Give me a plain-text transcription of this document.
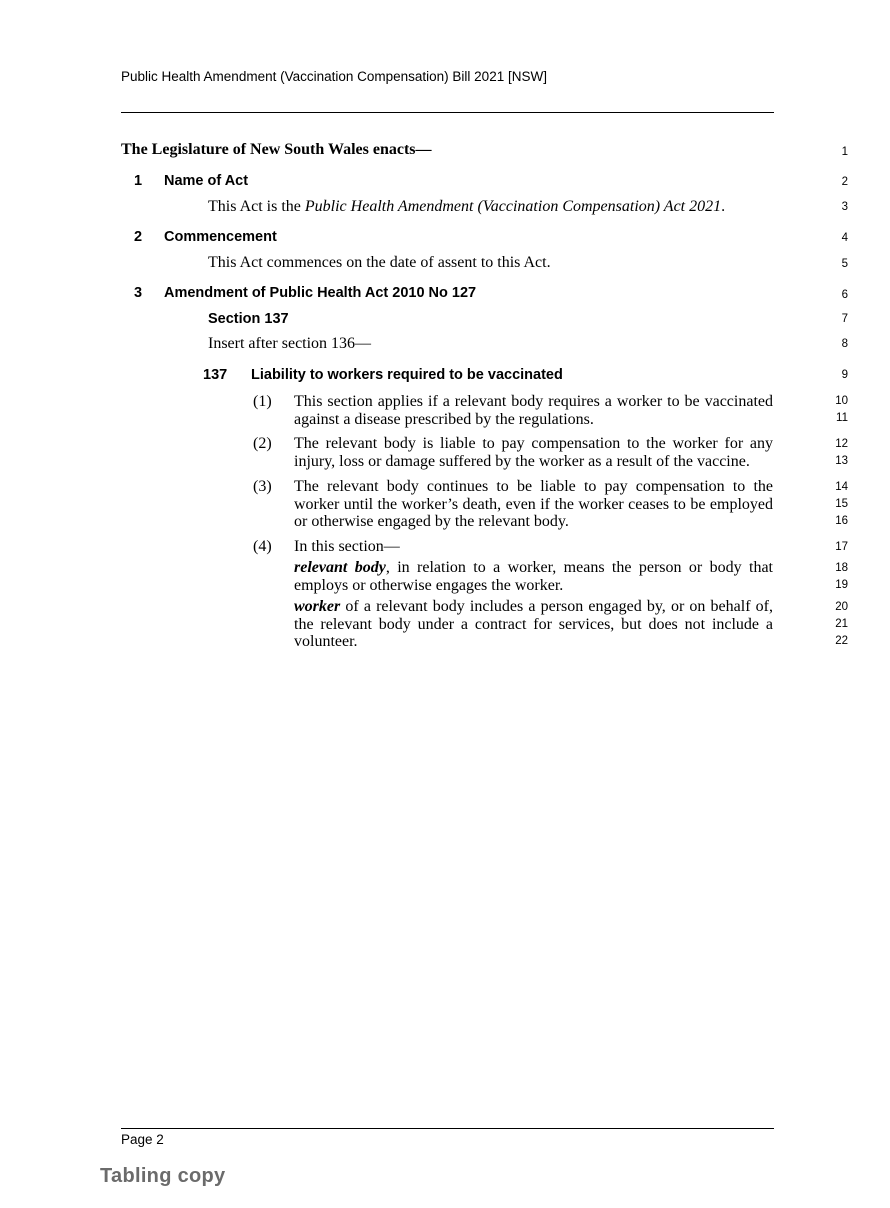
Public Health Amendment (Vaccination Compensation) Bill 2021 [NSW]
The Legislature of New South Wales enacts—
1 Name of Act
This Act is the Public Health Amendment (Vaccination Compensation) Act 2021.
2 Commencement
This Act commences on the date of assent to this Act.
3 Amendment of Public Health Act 2010 No 127
Section 137
Insert after section 136—
137 Liability to workers required to be vaccinated
(1) This section applies if a relevant body requires a worker to be vaccinated against a disease prescribed by the regulations.
(2) The relevant body is liable to pay compensation to the worker for any injury, loss or damage suffered by the worker as a result of the vaccine.
(3) The relevant body continues to be liable to pay compensation to the worker until the worker’s death, even if the worker ceases to be employed or otherwise engaged by the relevant body.
(4) In this section—
relevant body, in relation to a worker, means the person or body that employs or otherwise engages the worker.
worker of a relevant body includes a person engaged by, or on behalf of, the relevant body under a contract for services, but does not include a volunteer.
1
2
3
4
5
6
7
8
9
10
11
12
13
14
15
16
17
18
19
20
21
22
Page 2
Tabling copy
